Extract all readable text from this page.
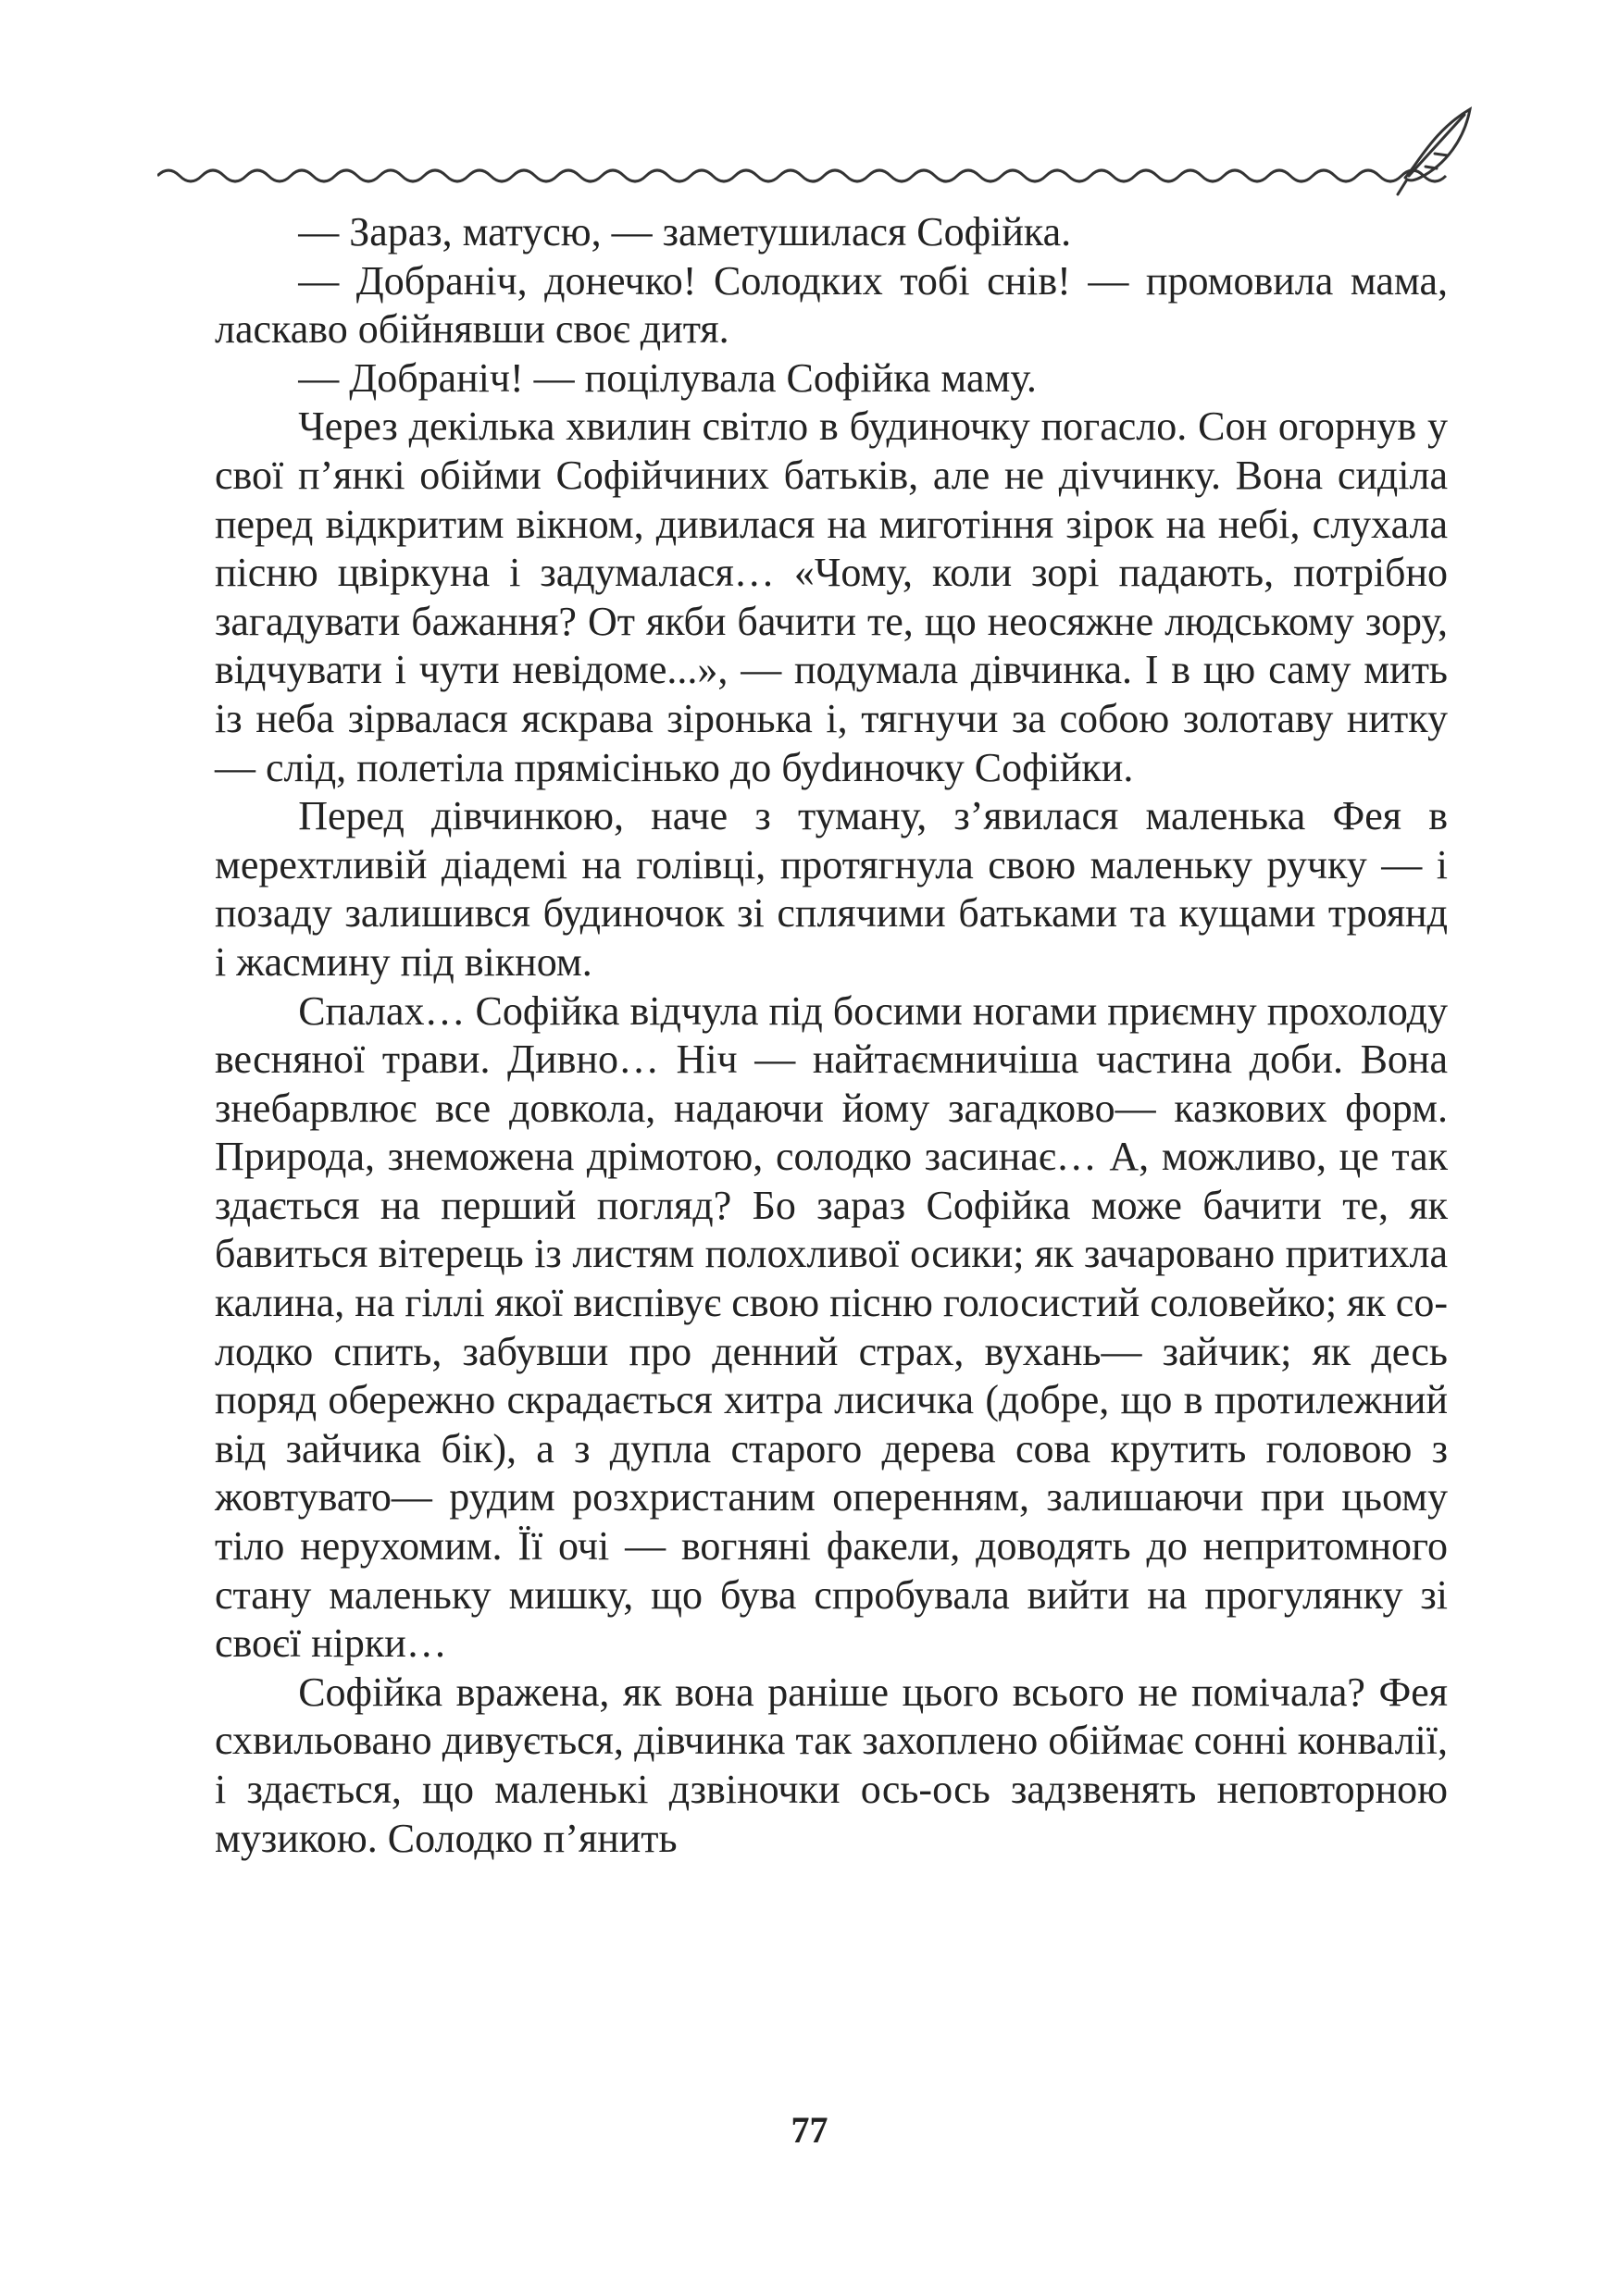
— Зараз, матусю, — заметушилася Софійка.

— Добраніч, донечко! Солодких тобі снів! — промовила мама, ласкаво обійнявши своє дитя.

— Добраніч! — поцілувала Софійка маму.

Через декілька хвилин світло в будиночку погасло. Сон огорнув у свої п’янкі обійми Софійчиних батьків, але не діvчинку. Вона сиділа перед відкритим вікном, дивилася на миготіння зірок на небі, слухала пісню цвіркуна і задумалася… «Чому, коли зорі падають, потрібно загадувати бажання? От якби бачити те, що неосяжне людському зору, відчувати і чути невідоме...», — подумала дівчинка. І в цю саму мить із неба зірвалася яскрава зіронька і, тягнучи за собою золотаву нитку— слід, полетіла прямісінько до буdиночку Софійки.

Перед дівчинкою, наче з туману, з’явилася маленька Фея в мерехтливій діадемі на голівці, протягнула свою маленьку ручку — і позаду залишився будиночок зі сплячими батьками та кущами троянд і жасмину під вікном.

Спалах… Софійка відчула під босими ногами приємну прохолоду весняної трави. Дивно… Ніч — найтаємничіша частина доби. Вона знебарвлює все довкола, надаючи йому загадково— казкових форм. Природа, знеможена дрімотою, солодко засинає… А, можливо, це так здається на перший погляд? Бо зараз Софійка може бачити те, як бавиться вітерець із листям полохливої осики; як зачаровано притихла калина, на гіллі якої виспівує свою пісню голосистий соловейко; як солодко спить, забувши про денний страх, вухань— зайчик; як десь поряд обережно скрадається хитра лисичка (добре, що в протилежний від зайчика бік), а з дупла старого дерева сова крутить головою з жовтувато— рудим розхристаним оперенням, залишаючи при цьому тіло нерухомим. Її очі — вогняні факели, доводять до непритомного стану маленьку мишку, що бува спробувала вийти на прогулянку зі своєї нірки…

Софійка вражена, як вона раніше цього всього не помічала? Фея схвильовано дивується, дівчинка так захоплено обіймає сонні конвалії, і здається, що маленькі дзвіночки ось-ось задзвенять неповторною музикою. Солодко п’янить

77
